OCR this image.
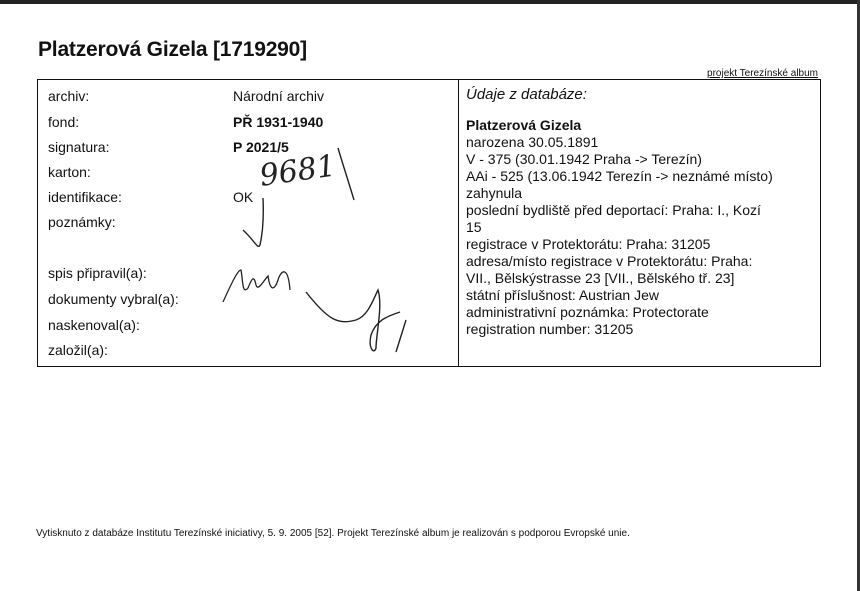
Platzerová Gizela [1719290]
projekt Terezínské album
archiv:	Národní archiv
fond:	PŘ 1931-1940
signatura:	P 2021/5
karton:
identifikace:	OK
poznámky:
spis připravil(a):
dokumenty vybral(a):
naskenoval(a):
založil(a):
Údaje z databáze:
Platzerová Gizela
narozena 30.05.1891
V - 375 (30.01.1942 Praha -> Terezín)
AAi - 525 (13.06.1942 Terezín -> neznámé místo)
zahynula
poslední bydliště před deportací: Praha: I., Kozí
15
registrace v Protektorátu: Praha: 31205
adresa/místo registrace v Protektorátu: Praha:
VII., Bělskýstrasse 23 [VII., Bělského tř. 23]
státní příslušnost: Austrian Jew
administrativní poznámka: Protectorate
registration number: 31205
9681
Vytisknuto z databáze Institutu Terezínské iniciativy, 5. 9. 2005 [52]. Projekt Terezínské album je realizován s podporou Evropské unie.
